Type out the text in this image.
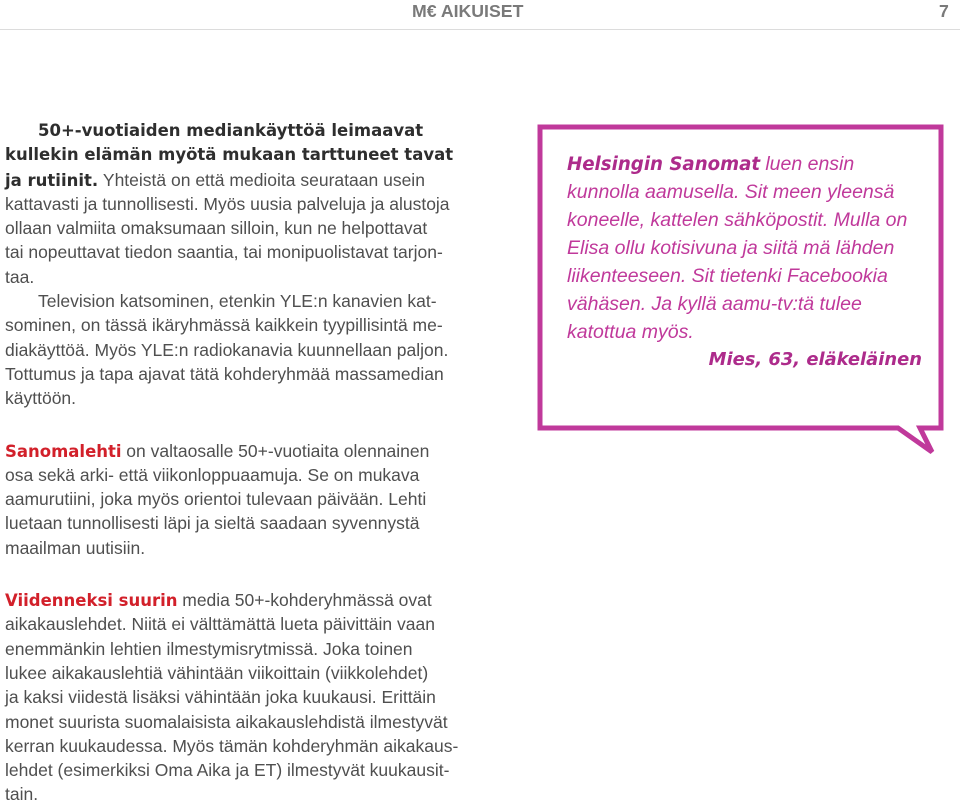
M€ AIKUISET	7
50+-vuotiaiden mediankäyttöä leimaavat
kullekin elämän myötä mukaan tarttuneet tavat
ja rutiinit. Yhteistä on että medioita seurataan usein
kattavasti ja tunnollisesti. Myös uusia palveluja ja alustoja
ollaan valmiita omaksumaan silloin, kun ne helpottavat
tai nopeuttavat tiedon saantia, tai monipuolistavat tarjon-
taa.
Television katsominen, etenkin YLE:n kanavien kat-
sominen, on tässä ikäryhmässä kaikkein tyypillisintä me-
diakäyttöä. Myös YLE:n radiokanavia kuunnellaan paljon.
Tottumus ja tapa ajavat tätä kohderyhmää massamedian
käyttöön.
Sanomalehti on valtaosalle 50+-vuotiaita olennainen
osa sekä arki- että viikonloppuaamuja. Se on mukava
aamurutiini, joka myös orientoi tulevaan päivään. Lehti
luetaan tunnollisesti läpi ja sieltä saadaan syvennystä
maailman uutisiin.
Viidenneksi suurin media 50+-kohderyhmässä ovat
aikakauslehdet. Niitä ei välttämättä lueta päivittäin vaan
enemmänkin lehtien ilmestymisrytmissä. Joka toinen
lukee aikakauslehtiä vähintään viikoittain (viikkolehdet)
ja kaksi viidestä lisäksi vähintään joka kuukausi. Erittäin
monet suurista suomalaisista aikakauslehdistä ilmestyvät
kerran kuukaudessa. Myös tämän kohderyhmän aikakaus-
lehdet (esimerkiksi Oma Aika ja ET) ilmestyvät kuukausit-
tain.
Helsingin Sanomat luen ensin
kunnolla aamusella. Sit meen yleensä
koneelle, kattelen sähköpostit. Mulla on
Elisa ollu kotisivuna ja siitä mä lähden
liikenteeseen. Sit tietenki Facebookia
vähäsen. Ja kyllä aamu-tv:tä tulee
katottua myös.
Mies, 63, eläkeläinen
